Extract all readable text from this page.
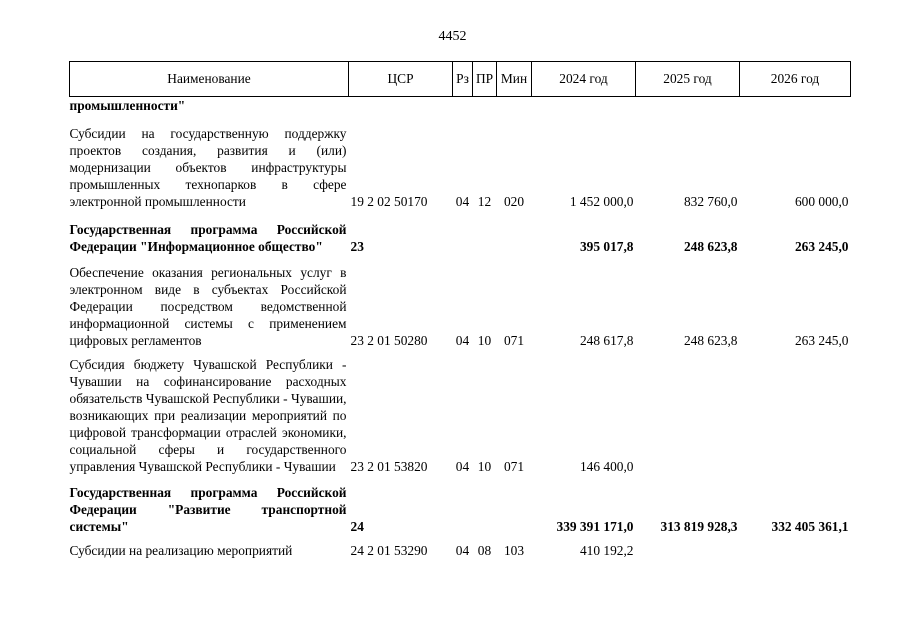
4452
Наименование	ЦСР	Рз	ПР	Мин	2024 год	2025 год	2026 год
промышленности"							
Субсидии на государственную поддержку проектов создания, развития и (или) модернизации объектов инфраструктуры промышленных технопарков в сфере электронной промышленности	19 2 02 50170	04	12	020	1 452 000,0	832 760,0	600 000,0
Государственная программа Российской Федерации "Информационное общество"	23				395 017,8	248 623,8	263 245,0
Обеспечение оказания региональных услуг в электронном виде в субъектах Российской Федерации посредством ведомственной информационной системы с применением цифровых регламентов	23 2 01 50280	04	10	071	248 617,8	248 623,8	263 245,0
Субсидия бюджету Чувашской Республики - Чувашии на софинансирование расходных обязательств Чувашской Республики - Чувашии, возникающих при реализации мероприятий по цифровой трансформации отраслей экономики, социальной сферы и государственного управления Чувашской Республики - Чувашии	23 2 01 53820	04	10	071	146 400,0		
Государственная программа Российской Федерации "Развитие транспортной системы"	24				339 391 171,0	313 819 928,3	332 405 361,1
Субсидии на реализацию мероприятий	24 2 01 53290	04	08	103	410 192,2		
